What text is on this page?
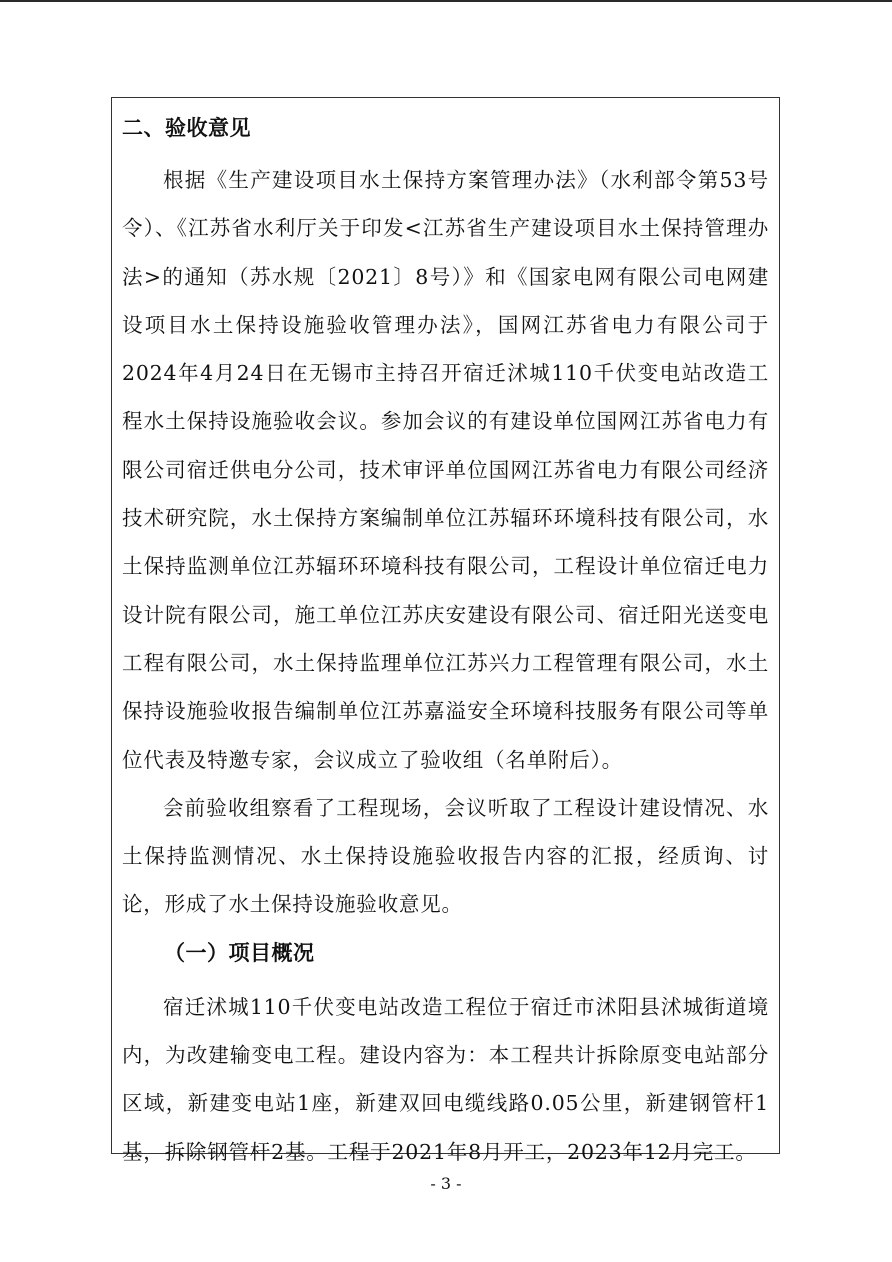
二、验收意见

根据《生产建设项目水土保持方案管理办法》（水利部令第53号令）、《江苏省水利厅关于印发<江苏省生产建设项目水土保持管理办法>的通知（苏水规〔2021〕8号）》和《国家电网有限公司电网建设项目水土保持设施验收管理办法》，国网江苏省电力有限公司于2024年4月24日在无锡市主持召开宿迁沭城110千伏变电站改造工程水土保持设施验收会议。参加会议的有建设单位国网江苏省电力有限公司宿迁供电分公司，技术审评单位国网江苏省电力有限公司经济技术研究院，水土保持方案编制单位江苏辐环环境科技有限公司，水土保持监测单位江苏辐环环境科技有限公司，工程设计单位宿迁电力设计院有限公司，施工单位江苏庆安建设有限公司、宿迁阳光送变电工程有限公司，水土保持监理单位江苏兴力工程管理有限公司，水土保持设施验收报告编制单位江苏嘉溢安全环境科技服务有限公司等单位代表及特邀专家，会议成立了验收组（名单附后）。

会前验收组察看了工程现场，会议听取了工程设计建设情况、水土保持监测情况、水土保持设施验收报告内容的汇报，经质询、讨论，形成了水土保持设施验收意见。

（一）项目概况

宿迁沭城110千伏变电站改造工程位于宿迁市沭阳县沭城街道境内，为改建输变电工程。建设内容为：本工程共计拆除原变电站部分区域，新建变电站1座，新建双回电缆线路0.05公里，新建钢管杆1基，拆除钢管杆2基。工程于2021年8月开工，2023年12月完工。

- 3 -
